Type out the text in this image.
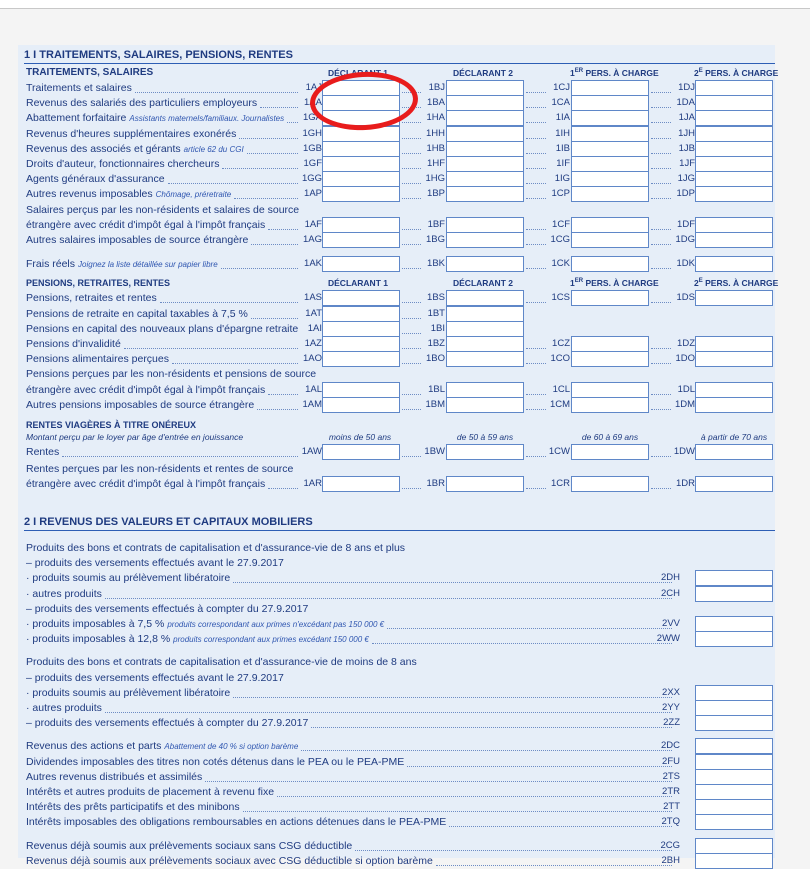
1 I TRAITEMENTS, SALAIRES, PENSIONS, RENTES
TRAITEMENTS, SALAIRES	DÉCLARANT 1	DÉCLARANT 2	1ER PERS. À CHARGE	$2^E$ PERS. À CHARGE
Traitements et salaires	1AJ	1BJ	1CJ	1DJ
Revenus des salariés des particuliers employeurs	1AA	1BA	1CA	1DA
Abattement forfaitaire Assistants maternels/familiaux. Journalistes	1GA	1HA	1IA	1JA
Revenus d'heures supplémentaires exonérés	1GH	1HH	1IH	1JH
Revenus des associés et gérants article 62 du CGI	1GB	1HB	1IB	1JB
Droits d'auteur, fonctionnaires chercheurs	1GF	1HF	1IF	1JF
Agents généraux d'assurance	1GG	1HG	1IG	1JG
Autres revenus imposables Chômage, préretraite	1AP	1BP	1CP	1DP
Salaires perçus par les non-résidents et salaires de source
étrangère avec crédit d'impôt égal à l'impôt français	1AF	1BF	1CF	1DF
Autres salaires imposables de source étrangère	1AG	1BG	1CG	1DG
Frais réels Joignez la liste détaillée sur papier libre	1AK	1BK	1CK	1DK
PENSIONS, RETRAITES, RENTES	DÉCLARANT 1	DÉCLARANT 2	1ER PERS. À CHARGE	$2^E$ PERS. À CHARGE
Pensions, retraites et rentes	1AS	1BS	1CS	1DS
Pensions de retraite en capital taxables à 7,5 %	1AT	1BT
Pensions en capital des nouveaux plans d'épargne retraite 1AI	1BI
Pensions d'invalidité	1AZ	1BZ	1CZ	1DZ
Pensions alimentaires perçues	1AO	1BO	1CO	1DO
Pensions perçues par les non-résidents et pensions de source
étrangère avec crédit d'impôt égal à l'impôt français	1AL	1BL	1CL	1DL
Autres pensions imposables de source étrangère	1AM	1BM	1CM	1DM
RENTES VIAGÈRES À TITRE ONÉREUX
Montant perçu par le loyer par âge d'entrée en jouissance	moins de 50 ans	de 50 à 59 ans	de 60 à 69 ans	à partir de 70 ans
Rentes	1AW	1BW	1CW	1DW
Rentes perçues par les non-résidents et rentes de source
étrangère avec crédit d'impôt égal à l'impôt français	1AR	1BR	1CR	1DR
2 I REVENUS DES VALEURS ET CAPITAUX MOBILIERS
Produits des bons et contrats de capitalisation et d'assurance-vie de 8 ans et plus
– produits des versements effectués avant le 27.9.2017
· produits soumis au prélèvement libératoire	2DH
· autres produits	2CH
– produits des versements effectués à compter du 27.9.2017
· produits imposables à 7,5 % produits correspondant aux primes n'excédant pas 150 000 €	2VV
· produits imposables à 12,8 % produits correspondant aux primes excédant 150 000 €	2WW
Produits des bons et contrats de capitalisation et d'assurance-vie de moins de 8 ans
– produits des versements effectués avant le 27.9.2017
· produits soumis au prélèvement libératoire	2XX
· autres produits	2YY
– produits des versements effectués à compter du 27.9.2017	2ZZ
Revenus des actions et parts Abattement de 40 % si option barème	2DC
Dividendes imposables des titres non cotés détenus dans le PEA ou le PEA-PME	2FU
Autres revenus distribués et assimilés	2TS
Intérêts et autres produits de placement à revenu fixe	2TR
Intérêts des prêts participatifs et des minibons	2TT
Intérêts imposables des obligations remboursables en actions détenues dans le PEA-PME	2TQ
Revenus déjà soumis aux prélèvements sociaux sans CSG déductible	2CG
Revenus déjà soumis aux prélèvements sociaux avec CSG déductible si option barème	2BH
